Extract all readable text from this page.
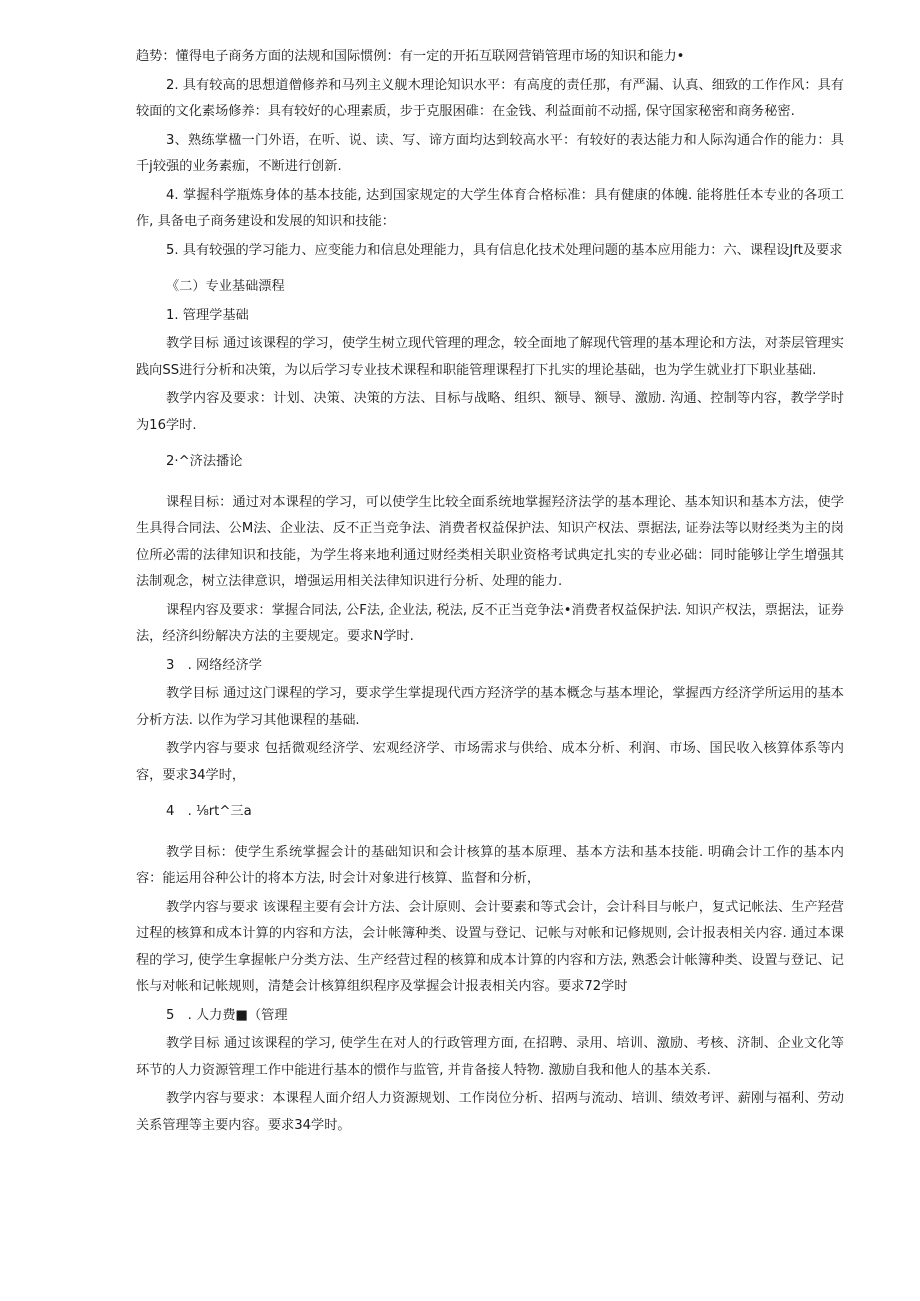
趋势：懂得电子商务方面的法规和国际惯例：有一定的开拓互联网营销管理市场的知识和能力•

2. 具有较高的思想道僧修养和马列主义舰木理论知识水平：有高度的责任那，有严漏、认真、细致的工作作风：具有较面的文化素场修养：具有较好的心理素质，步于克服困碓：在金钱、利益面前不动摇, 保守国家秘密和商务秘密.

3、熟练掌楹一门外语，在听、说、读、写、谛方面均达到较高水平：有较好的表达能力和人际沟通合作的能力：具千j较强的业务素痂，不断进行创新.

4. 掌握科学瓶炼身体的基本技能, 达到国家规定的大学生体育合格标准：具有健康的体魄. 能将胜任本专业的各项工作, 具备电子商务建设和发展的知识和技能：

5. 具有较强的学习能力、应变能力和信息处理能力，具有信息化技术处理问题的基本应用能力：六、课程设Jft及要求

《二）专业基础漂程

1. 管理学基础

教学目标 通过该课程的学习，使学生树立现代管理的理念，较全面地了解现代管理的基本理论和方法，对荼层管理实践向SS进行分析和决策，为以后学习专业技术课程和职能管理课程打下扎实的埋论基础，也为学生就业打下职业基础.

教学内容及要求：计划、决策、决策的方法、目标与战略、组织、额导、额导、激励. 沟通、控制等内容，教学学时为16学时.

2·^济法播论

课程目标：通过对本课程的学习，可以使学生比较全面系统地掌握羟济法学的基本理论、基本知识和基本方法，使学生具得合同法、公M法、企业法、反不正当竞争法、消费者权益保护法、知识产权法、票据法, 证券法等以财经类为主的岗位所必需的法律知识和技能，为学生将来地利通过财经类相关职业资格考试典定扎实的专业必础：同时能够让学生增强其法制观念，树立法律意识，增强运用相关法律知识进行分析、处理的能力.

课程内容及要求：掌握合同法, 公F法, 企业法, 税法, 反不正当竞争法•消费者权益保护法. 知识产权法，票据法，证券法，经济纠纷解决方法的主要规定。要求N学时.

3　. 网络经济学

教学目标 通过这门课程的学习，要求学生掌提现代西方羟济学的基本概念与基本埋论，掌握西方经济学所运用的基本分析方法. 以作为学习其他课程的基础.

教学内容与要求 包括微观经济学、宏观经济学、市场需求与供给、成本分析、利润、市场、国民收入核算体系等内容，要求34学时，

4　. ⅛rt^三a

教学目标：使学生系统掌握会计的基础知识和会计核算的基本原理、基本方法和基本技能. 明确会计工作的基本内容：能运用谷种公计的将本方法, 时会计对象进行核算、监督和分析，

教学内容与要求 该课程主要有会计方法、会计原则、会计要素和等式会计，会计科目与帐户，复式记帐法、生产羟营过程的核算和成本计算的内容和方法，会计帐簿种类、设置与登记、记帐与对帐和记修规则, 会计报表相关内容. 通过本课程的学习, 使学生拿握帐户分类方法、生产经营过程的核算和成本计算的内容和方法, 熟悉会计帐簿种类、设置与登记、记怅与对帐和记帐规则，清楚会计核算组织程序及掌握会计报表相关内容。要求72学时

5　. 人力费■（管理

教学目标 通过该课程的学习, 使学生在对人的行政管理方面, 在招聘、录用、培训、激励、考核、济制、企业文化等环节的人力资源管理工作中能进行基本的惯作与监管, 并肯备接人特物. 激励自我和他人的基本关系.

教学内容与要求：本课程人面介绍人力资源规划、工作岗位分析、招两与流动、培训、绩效考评、薪刚与福利、劳动关系管理等主要内容。要求34学时。
